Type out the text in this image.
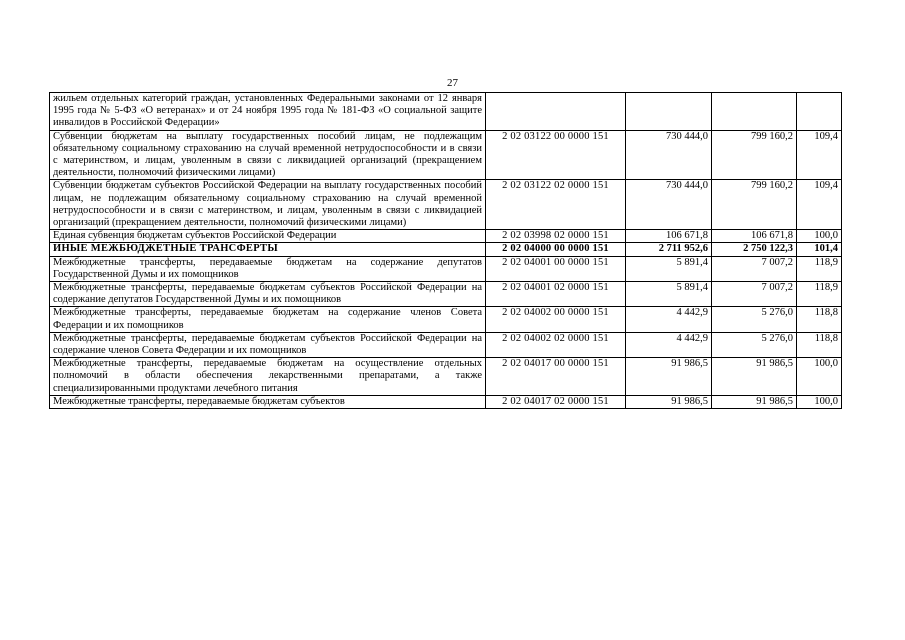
27
жильем отдельных категорий граждан, установленных Федеральными законами от 12 января 1995 года № 5-ФЗ «О ветеранах» и от 24 ноября 1995 года № 181-ФЗ «О социальной защите инвалидов в Российской Федерации»				
Субвенции бюджетам на выплату государственных пособий лицам, не подлежащим обязательному социальному страхованию на случай временной нетрудоспособности и в связи с материнством, и лицам, уволенным в связи с ликвидацией организаций (прекращением деятельности, полномочий физическими лицами)	2 02 03122 00 0000 151	730 444,0	799 160,2	109,4
Субвенции бюджетам субъектов Российской Федерации на выплату государственных пособий лицам, не подлежащим обязательному социальному страхованию на случай временной нетрудоспособности и в связи с материнством, и лицам, уволенным в связи с ликвидацией организаций (прекращением деятельности, полномочий физическими лицами)	2 02 03122 02 0000 151	730 444,0	799 160,2	109,4
Единая субвенция бюджетам субъектов Российской Федерации	2 02 03998 02 0000 151	106 671,8	106 671,8	100,0
ИНЫЕ МЕЖБЮДЖЕТНЫЕ ТРАНСФЕРТЫ	2 02 04000 00 0000 151	2 711 952,6	2 750 122,3	101,4
Межбюджетные трансферты, передаваемые бюджетам на содержание депутатов Государственной Думы и их помощников	2 02 04001 00 0000 151	5 891,4	7 007,2	118,9
Межбюджетные трансферты, передаваемые бюджетам субъектов Российской Федерации на содержание депутатов Государственной Думы и их помощников	2 02 04001 02 0000 151	5 891,4	7 007,2	118,9
Межбюджетные трансферты, передаваемые бюджетам на содержание членов Совета Федерации и их помощников	2 02 04002 00 0000 151	4 442,9	5 276,0	118,8
Межбюджетные трансферты, передаваемые бюджетам субъектов Российской Федерации на содержание членов Совета Федерации и их помощников	2 02 04002 02 0000 151	4 442,9	5 276,0	118,8
Межбюджетные трансферты, передаваемые бюджетам на осуществление отдельных полномочий в области обеспечения лекарственными препаратами, а также специализированными продуктами лечебного питания	2 02 04017 00 0000 151	91 986,5	91 986,5	100,0
Межбюджетные трансферты, передаваемые бюджетам субъектов	2 02 04017 02 0000 151	91 986,5	91 986,5	100,0
